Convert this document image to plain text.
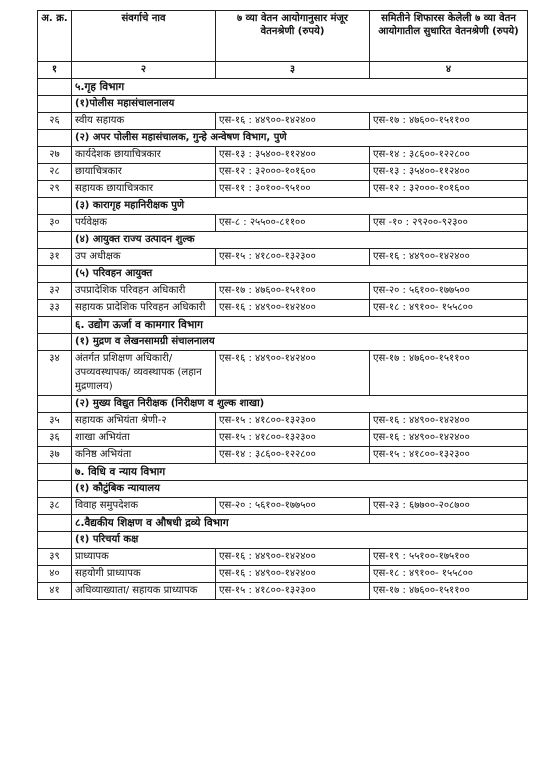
अ. क्र.	संवर्गाचे नाव	७ व्या वेतन आयोगानुसार मंजूर वेतनश्रेणी (रुपये)	समितीने शिफारस केलेली ७ व्या वेतन आयोगातील सुधारित वेतनश्रेणी (रुपये)
१	२	३	४
	५.गृह विभाग		
	(१)पोलीस महासंचालनालय		
२६	स्वीय सहायक	एस-१६ : ४४९००-१४२४००	एस-१७ : ४७६००-१५११००
	(२) अपर पोलीस महासंचालक, गुन्हे अन्वेषण विभाग, पुणे		
२७	कार्यदेशक छायाचित्रकार	एस-१३ : ३५४००-११२४००	एस-१४ : ३८६००-१२२८००
२८	छायाचित्रकार	एस-१२ : ३२०००-१०१६००	एस-१३ : ३५४००-११२४००
२९	सहायक छायाचित्रकार	एस-११ : ३०१००-९५१००	एस-१२ : ३२०००-१०१६००
	(३) कारागृह महानिरीक्षक पुणे		
३०	पर्यवेक्षक	एस-८ : २५५००-८११००	एस -१० : २९२००-९२३००
	(४) आयुक्त राज्य उत्पादन शुल्क		
३१	उप अधीक्षक	एस-१५ : ४१८००-१३२३००	एस-१६ : ४४९००-१४२४००
	(५) परिवहन आयुक्त		
३२	उपप्रादेशिक परिवहन अधिकारी	एस-१७ : ४७६००-१५११००	एस-२० : ५६१००-१७७५००
३३	सहायक प्रादेशिक परिवहन अधिकारी	एस-१६ : ४४९००-१४२४००	एस-१८ : ४९१००- १५५८००
	६. उद्योग ऊर्जा व कामगार विभाग		
	(१) मुद्रण व लेखनसामग्री संचालनालय		
३४	अंतर्गत प्रशिक्षण अधिकारी/ उपव्यवस्थापक/ व्यवस्थापक (लहान मुद्रणालय)	एस-१६ : ४४९००-१४२४००	एस-१७ : ४७६००-१५११००
	(२) मुख्य विद्युत निरीक्षक (निरीक्षण व शुल्क शाखा)		
३५	सहायक अभियंता श्रेणी-२	एस-१५ : ४१८००-१३२३००	एस-१६ : ४४९००-१४२४००
३६	शाखा अभियंता	एस-१५ : ४१८००-१३२३००	एस-१६ : ४४९००-१४२४००
३७	कनिष्ठ अभियंता	एस-१४ : ३८६००-१२२८००	एस-१५ : ४१८००-१३२३००
	७. विधि व न्याय विभाग		
	(१) कौटुंबिक न्यायालय		
३८	विवाह समुपदेशक	एस-२० : ५६१००-१७७५००	एस-२३ : ६७७००-२०८७००
	८.वैद्यकीय शिक्षण व औषधी द्रव्ये विभाग		
	(१) परिचर्या कक्ष		
३९	प्राध्यापक	एस-१६ : ४४९००-१४२४००	एस-१९ : ५५१००-१७५१००
४०	सहयोगी प्राध्यापक	एस-१६ : ४४९००-१४२४००	एस-१८ : ४९१००- १५५८००
४१	अधिव्याख्याता/ सहायक प्राध्यापक	एस-१५ : ४१८००-१३२३००	एस-१७ : ४७६००-१५११००
